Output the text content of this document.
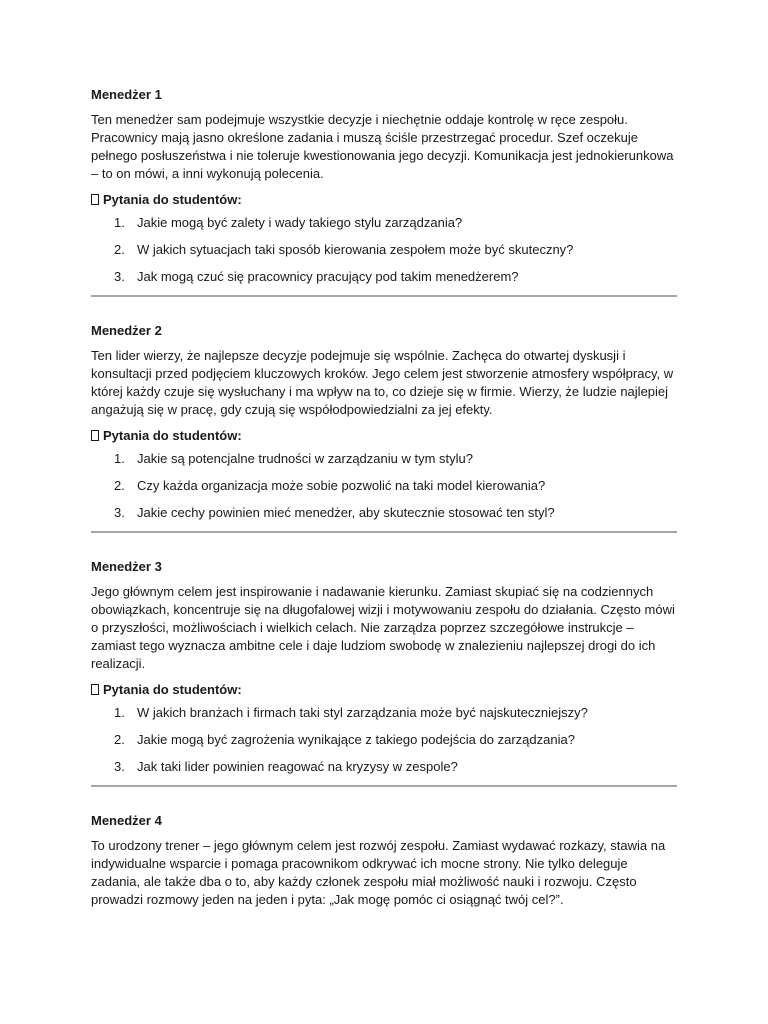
Menedżer 1

Ten menedżer sam podejmuje wszystkie decyzje i niechętnie oddaje kontrolę w ręce zespołu. Pracownicy mają jasno określone zadania i muszą ściśle przestrzegać procedur. Szef oczekuje pełnego posłuszeństwa i nie toleruje kwestionowania jego decyzji. Komunikacja jest jednokierunkowa – to on mówi, a inni wykonują polecenia.

Pytania do studentów:
1. Jakie mogą być zalety i wady takiego stylu zarządzania?
2. W jakich sytuacjach taki sposób kierowania zespołem może być skuteczny?
3. Jak mogą czuć się pracownicy pracujący pod takim menedżerem?

Menedżer 2

Ten lider wierzy, że najlepsze decyzje podejmuje się wspólnie. Zachęca do otwartej dyskusji i konsultacji przed podjęciem kluczowych kroków. Jego celem jest stworzenie atmosfery współpracy, w której każdy czuje się wysłuchany i ma wpływ na to, co dzieje się w firmie. Wierzy, że ludzie najlepiej angażują się w pracę, gdy czują się współodpowiedzialni za jej efekty.

Pytania do studentów:
1. Jakie są potencjalne trudności w zarządzaniu w tym stylu?
2. Czy każda organizacja może sobie pozwolić na taki model kierowania?
3. Jakie cechy powinien mieć menedżer, aby skutecznie stosować ten styl?

Menedżer 3

Jego głównym celem jest inspirowanie i nadawanie kierunku. Zamiast skupiać się na codziennych obowiązkach, koncentruje się na długofalowej wizji i motywowaniu zespołu do działania. Często mówi o przyszłości, możliwościach i wielkich celach. Nie zarządza poprzez szczegółowe instrukcje – zamiast tego wyznacza ambitne cele i daje ludziom swobodę w znalezieniu najlepszej drogi do ich realizacji.

Pytania do studentów:
1. W jakich branżach i firmach taki styl zarządzania może być najskuteczniejszy?
2. Jakie mogą być zagrożenia wynikające z takiego podejścia do zarządzania?
3. Jak taki lider powinien reagować na kryzysy w zespole?

Menedżer 4

To urodzony trener – jego głównym celem jest rozwój zespołu. Zamiast wydawać rozkazy, stawia na indywidualne wsparcie i pomaga pracownikom odkrywać ich mocne strony. Nie tylko deleguje zadania, ale także dba o to, aby każdy członek zespołu miał możliwość nauki i rozwoju. Często prowadzi rozmowy jeden na jeden i pyta: „Jak mogę pomóc ci osiągnąć twój cel?”.
